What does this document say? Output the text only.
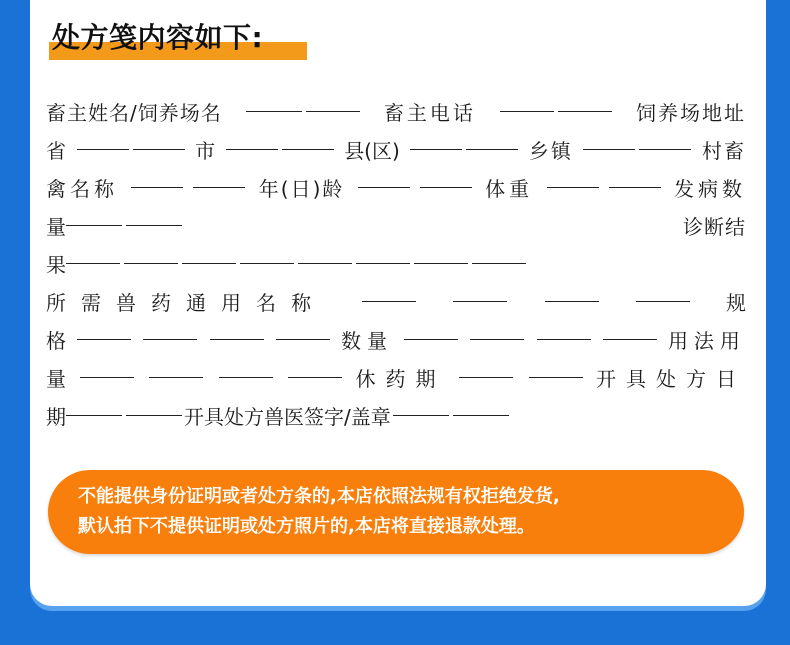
处方笺内容如下:
畜主姓名/饲养场名	畜主电话	饲养场地址
省	市	县(区)	乡镇	村畜
禽名称	年(日)龄	体重	发病数
量	诊断结
果
所需兽药通用名称	规
格	数量	用法用
量	休药期	开具处方日
期	开具处方兽医签字/盖章
不能提供身份证明或者处方条的,本店依照法规有权拒绝发货,
默认拍下不提供证明或处方照片的,本店将直接退款处理。
